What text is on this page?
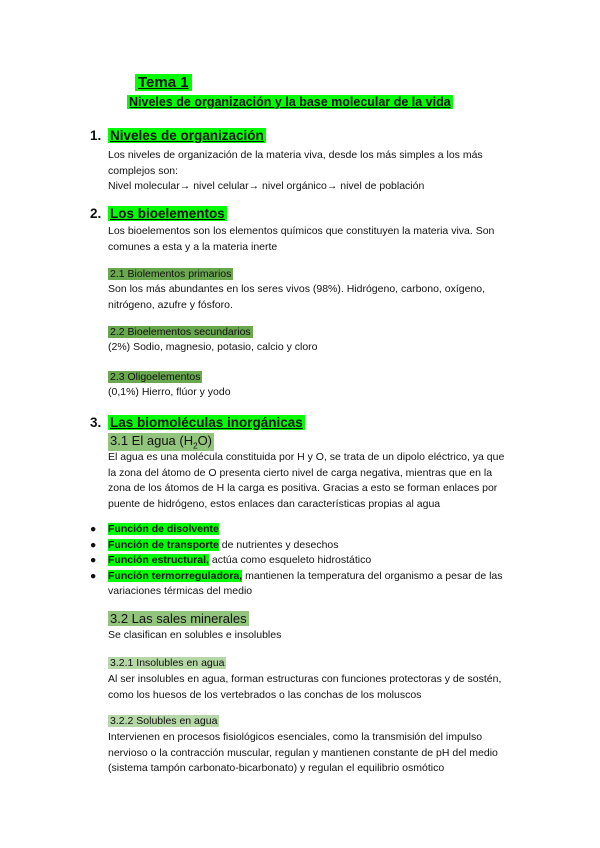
Tema 1
Niveles de organización y la base molecular de la vida
1. Niveles de organización
Los niveles de organización de la materia viva, desde los más simples a los más
complejos son:
Nivel molecular→ nivel celular→ nivel orgánico→ nivel de población
2. Los bioelementos
Los bioelementos son los elementos químicos que constituyen la materia viva. Son
comunes a esta y a la materia inerte
2.1 Biolementos primarios
Son los más abundantes en los seres vivos (98%). Hidrógeno, carbono, oxígeno,
nitrógeno, azufre y fósforo.
2.2 Bioelementos secundarios
(2%) Sodio, magnesio, potasio, calcio y cloro
2.3 Oligoelementos
(0,1%) Hierro, flúor y yodo
3. Las biomoléculas inorgánicas
3.1 El agua $(H_2O)$
El agua es una molécula constituida por H y O, se trata de un dipolo eléctrico, ya que
la zona del átomo de O presenta cierto nivel de carga negativa, mientras que en la
zona de los átomos de H la carga es positiva. Gracias a esto se forman enlaces por
puente de hidrógeno, estos enlaces dan características propias al agua
● Función de disolvente
● Función de transporte de nutrientes y desechos
● Función estructural, actúa como esqueleto hidrostático
● Función termorreguladora, mantienen la temperatura del organismo a pesar de las
variaciones térmicas del medio
3.2 Las sales minerales
Se clasifican en solubles e insolubles
3.2.1 Insolubles en agua
Al ser insolubles en agua, forman estructuras con funciones protectoras y de sostén,
como los huesos de los vertebrados o las conchas de los moluscos
3.2.2 Solubles en agua
Intervienen en procesos fisiológicos esenciales, como la transmisión del impulso
nervioso o la contracción muscular, regulan y mantienen constante de pH del medio
(sistema tampón carbonato-bicarbonato) y regulan el equilibrio osmótico
